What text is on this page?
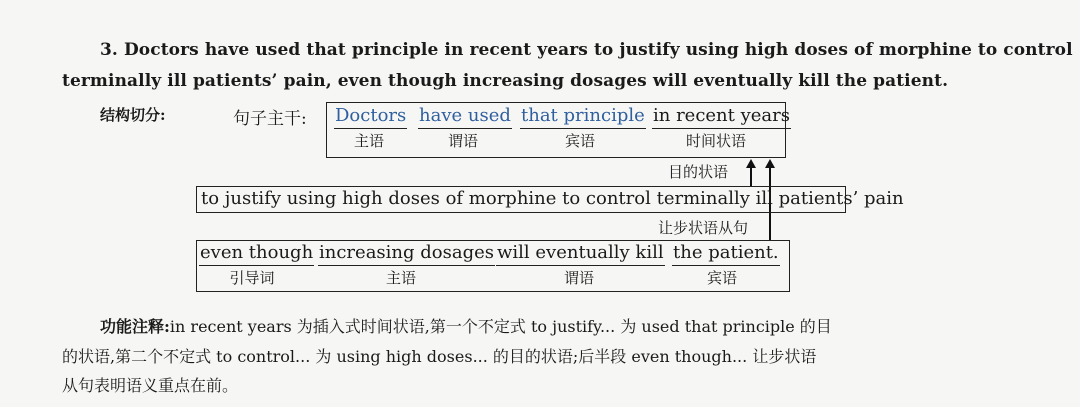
3. Doctors have used that principle in recent years to justify using high doses of morphine to control
terminally ill patients’ pain, even though increasing dosages will eventually kill the patient.
结构切分:	句子主干: Doctors
主语
have used
谓语
that principle
宾语
in recent years
时间状语
目的状语
to justify using high doses of morphine to control terminally ill patients’ pain
让步状语从句
even though
引导词
increasing dosages
主语
will eventually kill
谓语
the patient.
宾语
功能注释:in recent years 为插入式时间状语,第一个不定式 to justify... 为 used that principle 的目
的状语,第二个不定式 to control... 为 using high doses... 的目的状语;后半段 even though... 让步状语
从句表明语义重点在前。
